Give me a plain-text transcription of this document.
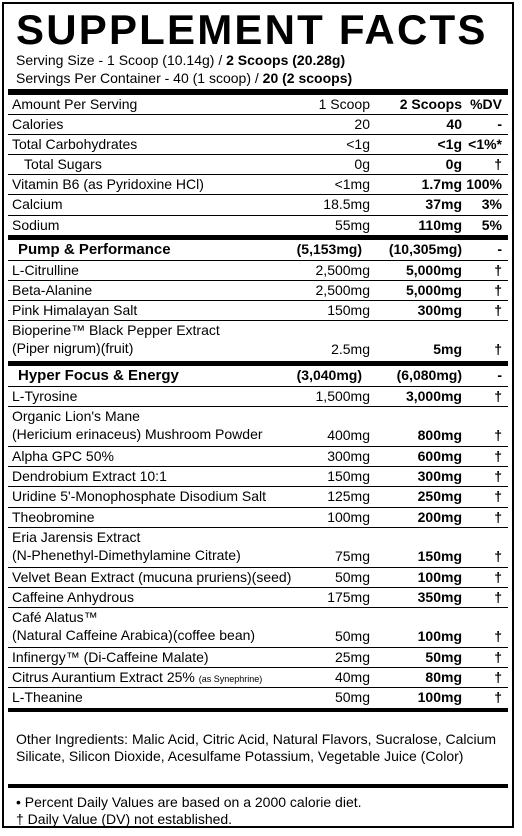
SUPPLEMENT FACTS
Serving Size - 1 Scoop (10.14g) / 2 Scoops (20.28g)
Servings Per Container - 40 (1 scoop) / 20 (2 scoops)
Amount Per Serving	1 Scoop 2 Scoops %DV
Calories	20	40	-
Total Carbohydrates	<1g	<1g <1%*
Total Sugars	0g	0g †
Vitamin B6 (as Pyridoxine HCl)	<1mg	1.7mg 100%
Calcium	18.5mg	37mg 3%
Sodium	55mg	110mg 5%
Pump & Performance	(5,153mg) (10,305mg)	-
L-Citrulline	2,500mg	5,000mg †
Beta-Alanine	2,500mg	5,000mg †
Pink Himalayan Salt	150mg	300mg †
Bioperine™ Black Pepper Extract
(Piper nigrum)(fruit)	2.5mg	5mg †
Hyper Focus & Energy	(3,040mg) (6,080mg)	-
L-Tyrosine	1,500mg	3,000mg †
Organic Lion's Mane
(Hericium erinaceus) Mushroom Powder	400mg	800mg †
Alpha GPC 50%	300mg	600mg †
Dendrobium Extract 10:1	150mg	300mg †
Uridine 5'-Monophosphate Disodium Salt	125mg	250mg †
Theobromine	100mg	200mg †
Eria Jarensis Extract
(N-Phenethyl-Dimethylamine Citrate)	75mg	150mg †
Velvet Bean Extract (mucuna pruriens)(seed)	50mg	100mg †
Caffeine Anhydrous	175mg	350mg †
Café Alatus™
(Natural Caffeine Arabica)(coffee bean)	50mg	100mg †
Infinergy™ (Di-Caffeine Malate)	25mg	50mg †
Citrus Aurantium Extract 25% (as Synephrine)	40mg	80mg †
L-Theanine	50mg	100mg †
Other Ingredients: Malic Acid, Citric Acid, Natural Flavors, Sucralose, Calcium Silicate, Silicon Dioxide, Acesulfame Potassium, Vegetable Juice (Color)
• Percent Daily Values are based on a 2000 calorie diet.
† Daily Value (DV) not established.
